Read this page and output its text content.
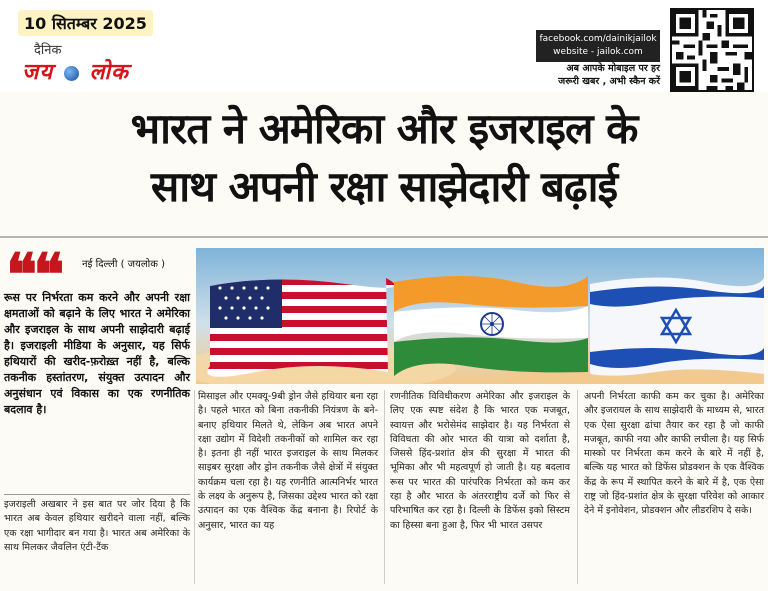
10 सितम्बर 2025
दैनिक
जय लोक
facebook.com/dainikjailok
website - jailok.com
अब आपके मोबाइल पर हर
जरूरी खबर , अभी स्कैन करें
भारत ने अमेरिका और इजराइल के
साथ अपनी रक्षा साझेदारी बढ़ाई
❝❝ नई दिल्ली ( जयलोक )
रूस पर निर्भरता कम करने और अपनी रक्षा क्षमताओं को बढ़ाने के लिए भारत ने अमेरिका और इजराइल के साथ अपनी साझेदारी बढ़ाई है। इजराइली मीडिया के अनुसार, यह सिर्फ हथियारों की खरीद-फ़रोख़्त नहीं है, बल्कि तकनीक हस्तांतरण, संयुक्त उत्पादन और अनुसंधान एवं विकास का एक रणनीतिक बदलाव है।
इजराइली अखबार ने इस बात पर जोर दिया है कि भारत अब केवल हथियार खरीदने वाला नहीं, बल्कि एक रक्षा भागीदार बन गया है। भारत अब अमेरिका के साथ मिलकर जैवलिन एंटी-टैंक
मिसाइल और एमक्यू-9बी ड्रोन जैसे हथियार बना रहा है। पहले भारत को बिना तकनीकी नियंत्रण के बने-बनाए हथियार मिलते थे, लेकिन अब भारत अपने रक्षा उद्योग में विदेशी तकनीकों को शामिल कर रहा है। इतना ही नहीं भारत इजराइल के साथ मिलकर साइबर सुरक्षा और ड्रोन तकनीक जैसे क्षेत्रों में संयुक्त कार्यक्रम चला रहा है। यह रणनीति आत्मनिर्भर भारत के लक्ष्य के अनुरूप है, जिसका उद्देश्य भारत को रक्षा उत्पादन का एक वैश्विक केंद्र बनाना है। रिपोर्ट के अनुसार, भारत का यह
रणनीतिक विविधीकरण अमेरिका और इजराइल के लिए एक स्पष्ट संदेश है कि भारत एक मजबूत, स्वायत्त और भरोसेमंद साझेदार है। यह निर्भरता से विविधता की ओर भारत की यात्रा को दर्शाता है, जिससे हिंद-प्रशांत क्षेत्र की सुरक्षा में भारत की भूमिका और भी महत्वपूर्ण हो जाती है। यह बदलाव रूस पर भारत की पारंपरिक निर्भरता को कम कर रहा है और भारत के अंतरराष्ट्रीय दर्जे को फिर से परिभाषित कर रहा है। दिल्ली के डिफेंस इको सिस्टम का हिस्सा बना हुआ है, फिर भी भारत उसपर
अपनी निर्भरता काफी कम कर चुका है। अमेरिका और इजरायल के साथ साझेदारी के माध्यम से, भारत एक ऐसा सुरक्षा ढांचा तैयार कर रहा है जो काफी मजबूत, काफी नया और काफी लचीला है। यह सिर्फ मास्को पर निर्भरता कम करने के बारे में नहीं है, बल्कि यह भारत को डिफेंस प्रोडक्शन के एक वैश्विक केंद्र के रूप में स्थापित करने के बारे में है, एक ऐसा राष्ट्र जो हिंद-प्रशांत क्षेत्र के सुरक्षा परिवेश को आकार देने में इनोवेशन, प्रोडक्शन और लीडरशिप दे सके।
